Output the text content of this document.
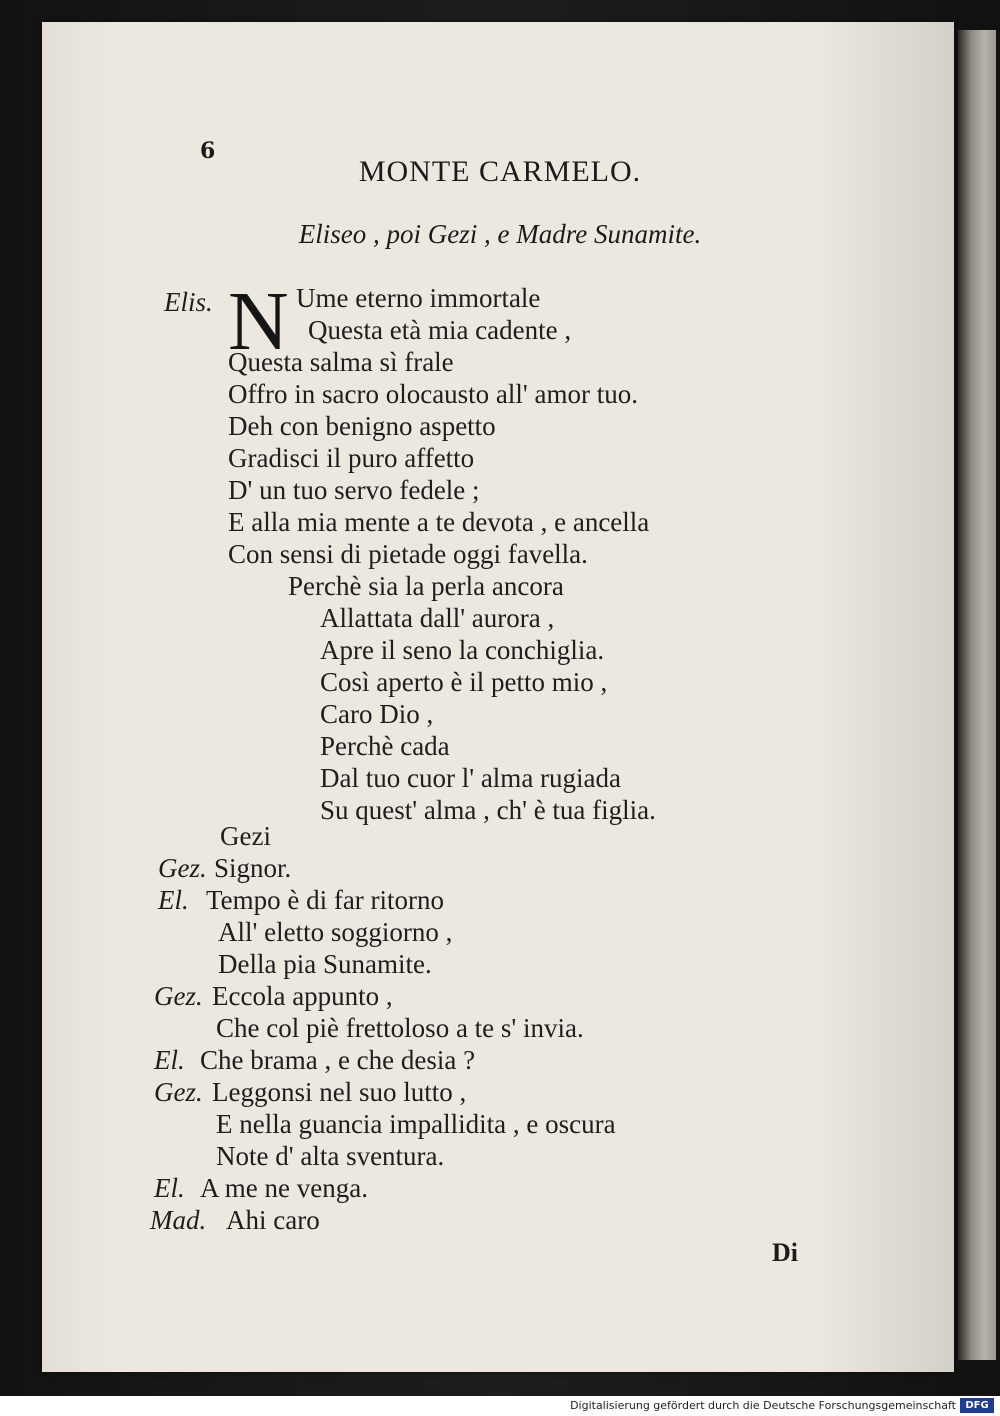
6
MONTE CARMELO.
Eliseo , poi Gezi , e Madre Sunamite.
N
Elis.	Ume eterno immortale
Questa età mia cadente ,
Questa salma sì frale
Offro in sacro olocausto all' amor tuo.
Deh con benigno aspetto
Gradisci il puro affetto
D' un tuo servo fedele ;
E alla mia mente a te devota , e ancella
Con sensi di pietade oggi favella.
Perchè sia la perla ancora
Allattata dall' aurora ,
Apre il seno la conchiglia.
Così aperto è il petto mio ,
Caro Dio ,
Perchè cada
Dal tuo cuor l' alma rugiada
Su quest' alma , ch' è tua figlia.
Gezi
Gez. Signor.
El. Tempo è di far ritorno
All' eletto soggiorno ,
Della pia Sunamite.
Gez. Eccola appunto ,
Che col piè frettoloso a te s' invia.
El. Che brama , e che desia ?
Gez. Leggonsi nel suo lutto ,
E nella guancia impallidita , e oscura
Note d' alta sventura.
El. A me ne venga.
Mad. Ahi caro
Di
Digitalisierung gefördert durch die Deutsche Forschungsgemeinschaft DFG
